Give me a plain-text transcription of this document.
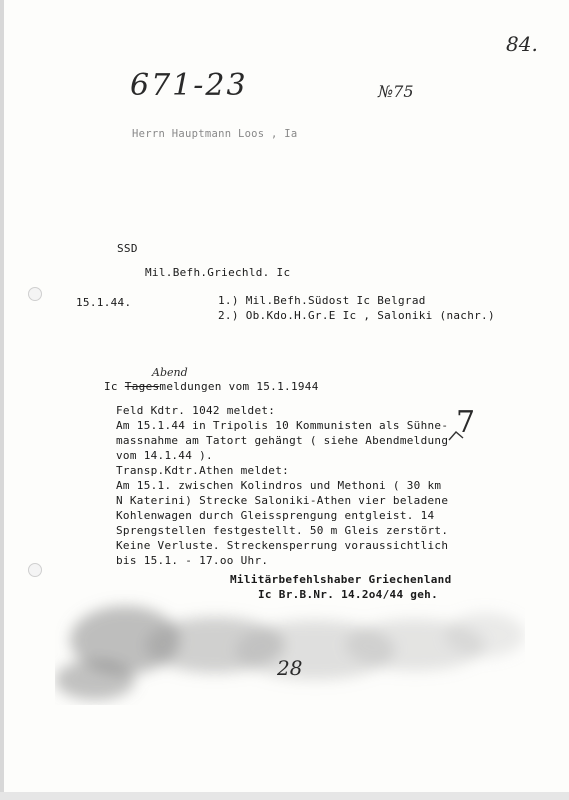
671-23	№75
84.
Herrn Hauptmann Loos , Ia
SSD
Mil.Befh.Griechld. Ic
15.1.44.	1.) Mil.Befh.Südost Ic Belgrad
2.) Ob.Kdo.H.Gr.E Ic , Saloniki (nachr.)
Ic Tagesmeldungen vom 15.1.1944
Abend
Feld Kdtr. 1042 meldet:
Am 15.1.44 in Tripolis 10 Kommunisten als Sühne-
massnahme am Tatort gehängt ( siehe Abendmeldung
vom 14.1.44 ).
Transp.Kdtr.Athen meldet:
Am 15.1. zwischen Kolindros und Methoni ( 30 km
N Katerini) Strecke Saloniki-Athen vier beladene
Kohlenwagen durch Gleissprengung entgleist. 14
Sprengstellen festgestellt. 50 m Gleis zerstört.
Keine Verluste. Streckensperrung voraussichtlich
bis 15.1. - 17.oo Uhr.
7
Militärbefehlshaber Griechenland
Ic Br.B.Nr. 14.2o4/44 geh.
28
